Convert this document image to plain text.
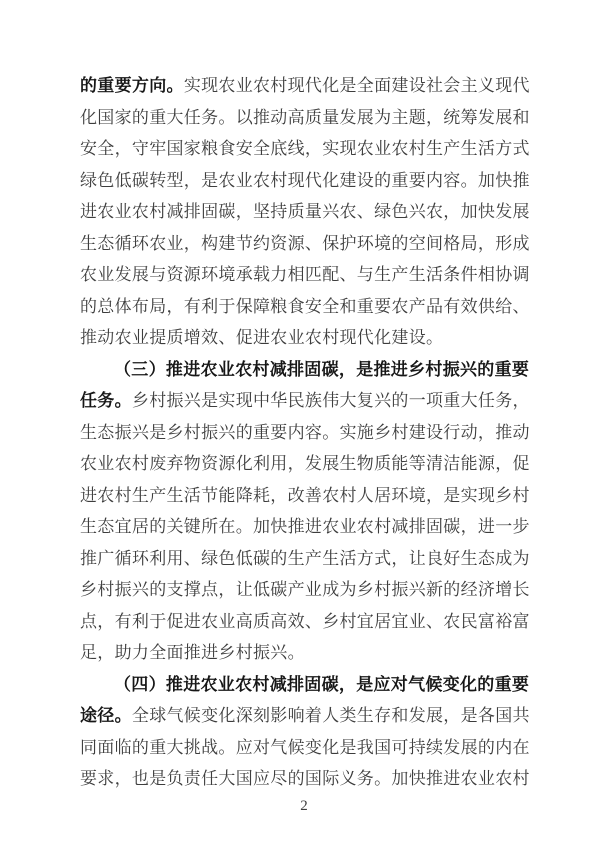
的重要方向。实现农业农村现代化是全面建设社会主义现代
化国家的重大任务。以推动高质量发展为主题，统筹发展和
安全，守牢国家粮食安全底线，实现农业农村生产生活方式
绿色低碳转型，是农业农村现代化建设的重要内容。加快推
进农业农村减排固碳，坚持质量兴农、绿色兴农，加快发展
生态循环农业，构建节约资源、保护环境的空间格局，形成
农业发展与资源环境承载力相匹配、与生产生活条件相协调
的总体布局，有利于保障粮食安全和重要农产品有效供给、
推动农业提质增效、促进农业农村现代化建设。
（三）推进农业农村减排固碳，是推进乡村振兴的重要
任务。乡村振兴是实现中华民族伟大复兴的一项重大任务，
生态振兴是乡村振兴的重要内容。实施乡村建设行动，推动
农业农村废弃物资源化利用，发展生物质能等清洁能源，促
进农村生产生活节能降耗，改善农村人居环境，是实现乡村
生态宜居的关键所在。加快推进农业农村减排固碳，进一步
推广循环利用、绿色低碳的生产生活方式，让良好生态成为
乡村振兴的支撑点，让低碳产业成为乡村振兴新的经济增长
点，有利于促进农业高质高效、乡村宜居宜业、农民富裕富
足，助力全面推进乡村振兴。
（四）推进农业农村减排固碳，是应对气候变化的重要
途径。全球气候变化深刻影响着人类生存和发展，是各国共
同面临的重大挑战。应对气候变化是我国可持续发展的内在
要求，也是负责任大国应尽的国际义务。加快推进农业农村
2
